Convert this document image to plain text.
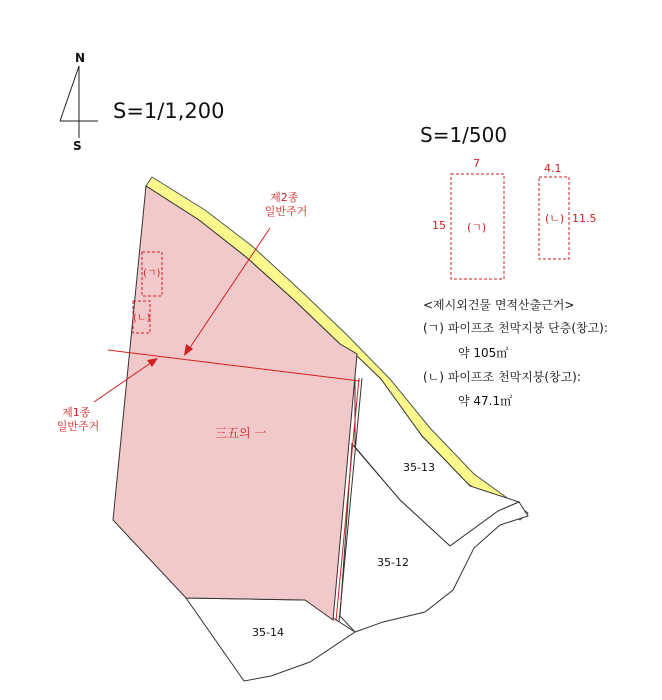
N
S
S=1/1,200
S=1/500
(ㄱ)
(ㄴ)
제2종 일반주거
제1종 일반주거	三五의 一
35-13
35-12
35-14
7
15 (ㄱ)
4.1
(ㄴ) 11.5
<제시외건물 면적산출근거>
(ㄱ) 파이프조 천막지붕 단층(창고):
약 105㎡
(ㄴ) 파이프조 천막지붕(창고):
약 47.1㎡
